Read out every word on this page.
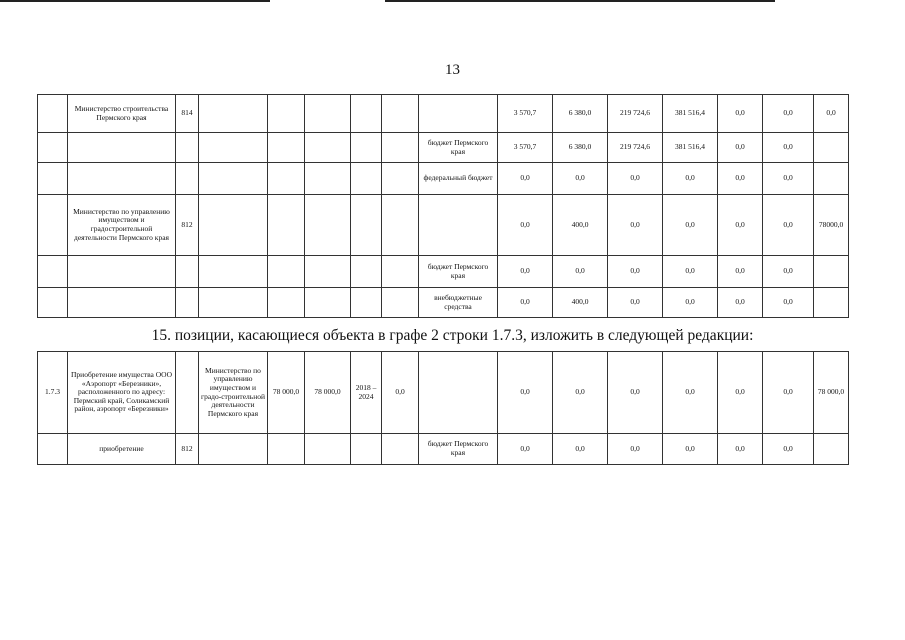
13
	Министерство строительства Пермского края	814							3 570,7	6 380,0	219 724,6	381 516,4	0,0	0,0	0,0
								бюджет Пермского края	3 570,7	6 380,0	219 724,6	381 516,4	0,0	0,0	
								федеральный бюджет	0,0	0,0	0,0	0,0	0,0	0,0	
	Министерство по управлению имуществом и градостроительной деятельности Пермского края	812							0,0	400,0	0,0	0,0	0,0	0,0	78000,0
								бюджет Пермского края	0,0	0,0	0,0	0,0	0,0	0,0	
								внебюджетные средства	0,0	400,0	0,0	0,0	0,0	0,0	
15. позиции, касающиеся объекта в графе 2 строки 1.7.3, изложить в следующей редакции:
1.7.3	Приобретение имущества ООО «Аэропорт «Березники», расположенного по адресу: Пермский край, Соликамский район, аэропорт «Березники»		Министерство по управлению имуществом и градо-строительной деятельности Пермского края	78 000,0	78 000,0	2018 – 2024	0,0		0,0	0,0	0,0	0,0	0,0	0,0	78 000,0
	приобретение	812						бюджет Пермского края	0,0	0,0	0,0	0,0	0,0	0,0	
